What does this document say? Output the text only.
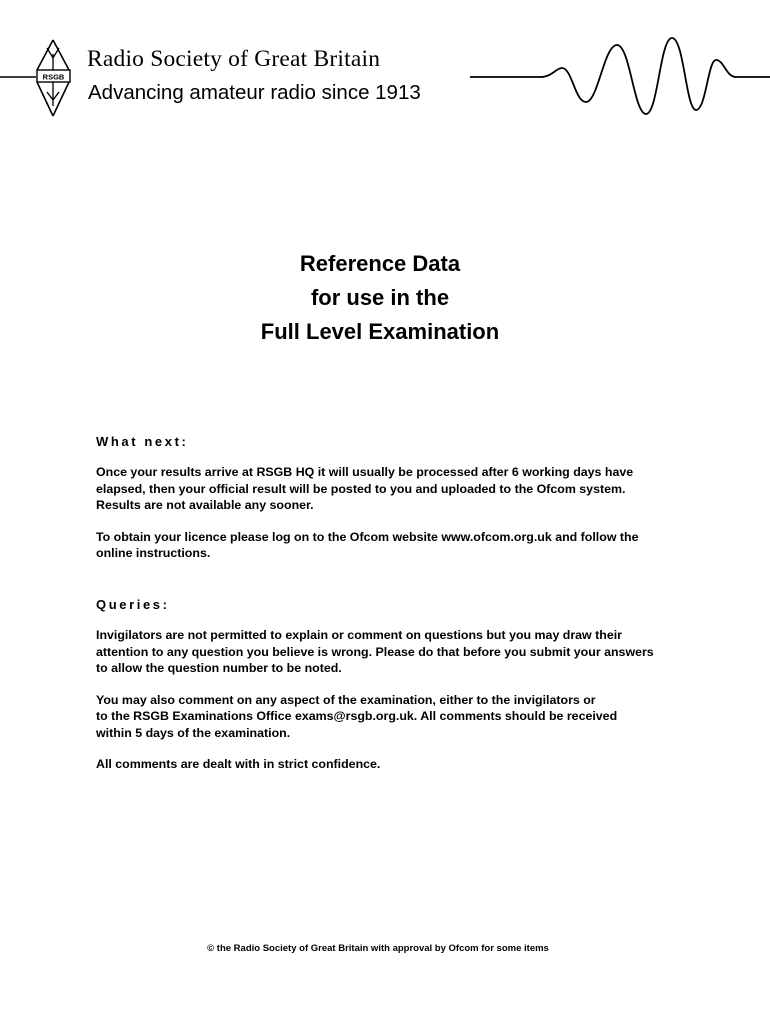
RSGB
Radio Society of Great Britain
Advancing amateur radio since 1913
Reference Data
for use in the
Full Level Examination

What next:

Once your results arrive at RSGB HQ it will usually be processed after 6 working days have elapsed, then your official result will be posted to you and uploaded to the Ofcom system. Results are not available any sooner.

To obtain your licence please log on to the Ofcom website www.ofcom.org.uk and follow the online instructions.

Queries:

Invigilators are not permitted to explain or comment on questions but you may draw their attention to any question you believe is wrong. Please do that before you submit your answers to allow the question number to be noted.

You may also comment on any aspect of the examination, either to the invigilators or
to the RSGB Examinations Office exams@rsgb.org.uk. All comments should be received within 5 days of the examination.

All comments are dealt with in strict confidence.

© the Radio Society of Great Britain with approval by Ofcom for some items
